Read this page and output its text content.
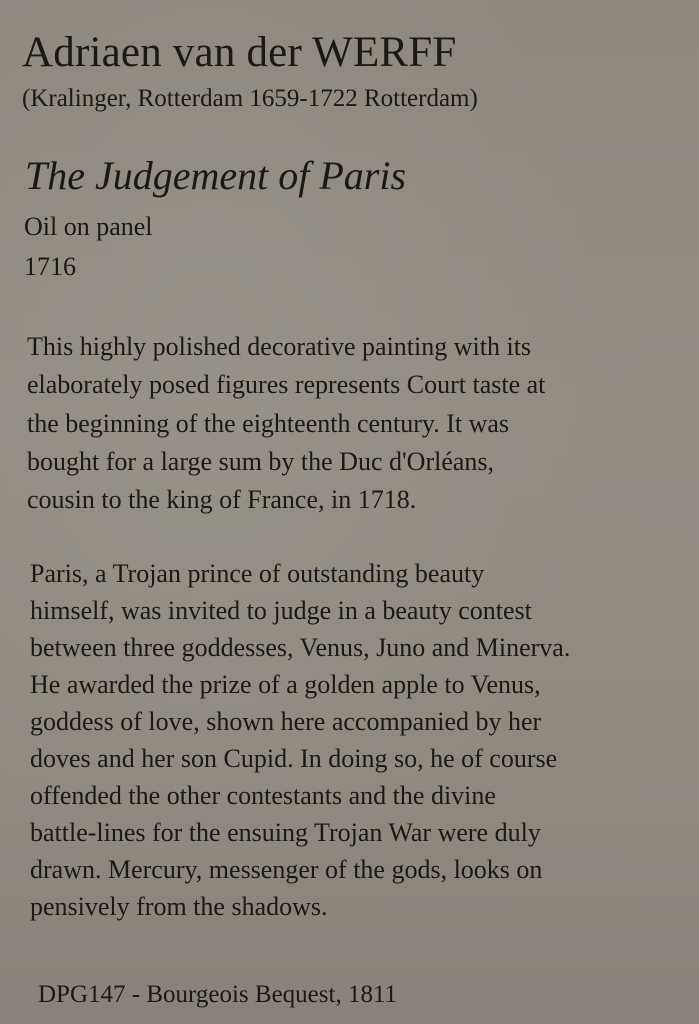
Adriaen van der WERFF
(Kralinger, Rotterdam 1659-1722 Rotterdam)
The Judgement of Paris
Oil on panel
1716
This highly polished decorative painting with its
elaborately posed figures represents Court taste at
the beginning of the eighteenth century. It was
bought for a large sum by the Duc d'Orléans,
cousin to the king of France, in 1718.
Paris, a Trojan prince of outstanding beauty
himself, was invited to judge in a beauty contest
between three goddesses, Venus, Juno and Minerva.
He awarded the prize of a golden apple to Venus,
goddess of love, shown here accompanied by her
doves and her son Cupid. In doing so, he of course
offended the other contestants and the divine
battle-lines for the ensuing Trojan War were duly
drawn. Mercury, messenger of the gods, looks on
pensively from the shadows.
DPG147 - Bourgeois Bequest, 1811
